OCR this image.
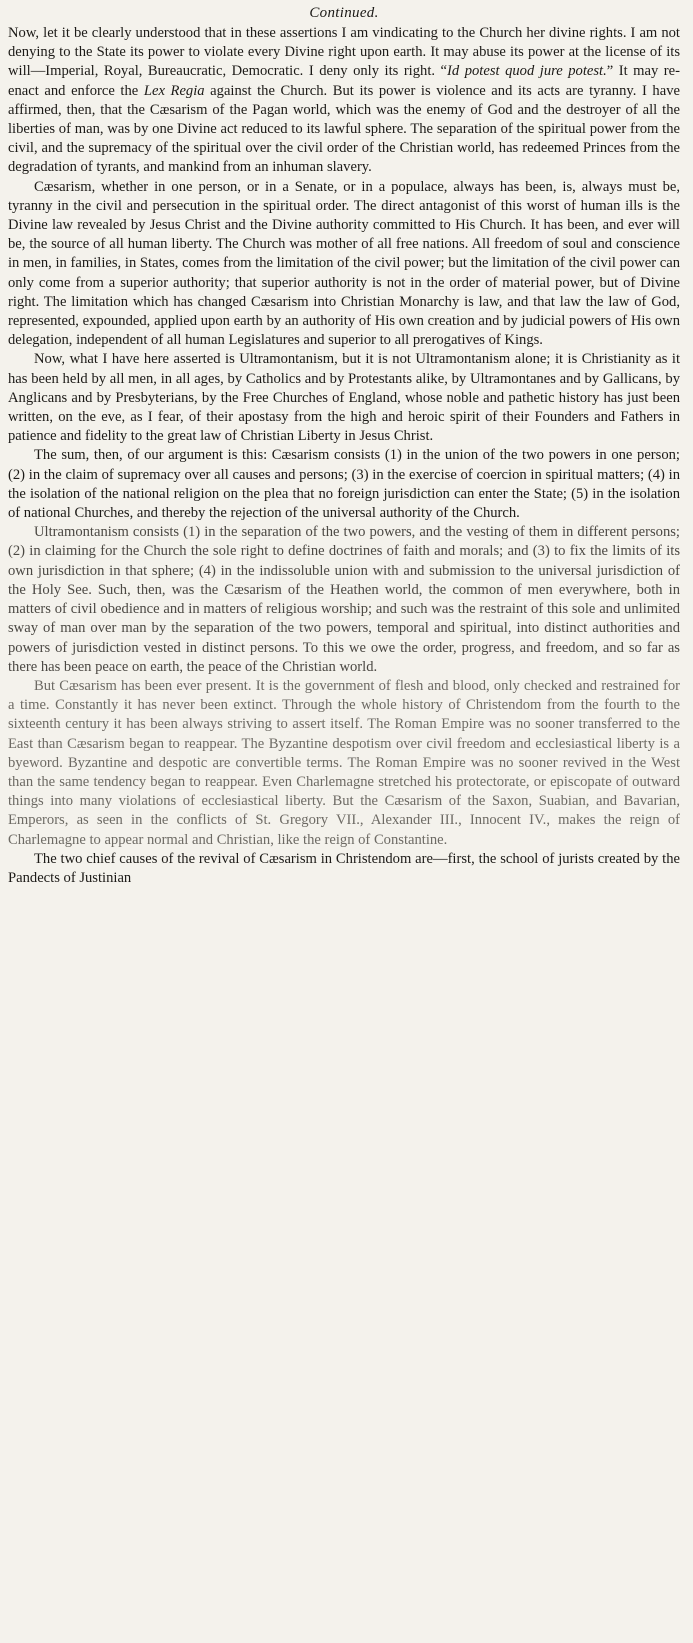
Continued.

Now, let it be clearly understood that in these assertions I am vindicating to the Church her divine rights. I am not denying to the State its power to violate every Divine right upon earth. It may abuse its power at the license of its will—Imperial, Royal, Bureaucratic, Democratic. I deny only its right. “Id potest quod jure potest.” It may re-enact and enforce the Lex Regia against the Church. But its power is violence and its acts are tyranny. I have affirmed, then, that the Cæsarism of the Pagan world, which was the enemy of God and the destroyer of all the liberties of man, was by one Divine act reduced to its lawful sphere. The separation of the spiritual power from the civil, and the supremacy of the spiritual over the civil order of the Christian world, has redeemed Princes from the degradation of tyrants, and mankind from an inhuman slavery.

Cæsarism, whether in one person, or in a Senate, or in a populace, always has been, is, always must be, tyranny in the civil and persecution in the spiritual order. The direct antagonist of this worst of human ills is the Divine law revealed by Jesus Christ and the Divine authority committed to His Church. It has been, and ever will be, the source of all human liberty. The Church was mother of all free nations. All freedom of soul and conscience in men, in families, in States, comes from the limitation of the civil power; but the limitation of the civil power can only come from a superior authority; that superior authority is not in the order of material power, but of Divine right. The limitation which has changed Cæsarism into Christian Monarchy is law, and that law the law of God, represented, expounded, applied upon earth by an authority of His own creation and by judicial powers of His own delegation, independent of all human Legislatures and superior to all prerogatives of Kings.

Now, what I have here asserted is Ultramontanism, but it is not Ultramontanism alone; it is Christianity as it has been held by all men, in all ages, by Catholics and by Protestants alike, by Ultramontanes and by Gallicans, by Anglicans and by Presbyterians, by the Free Churches of England, whose noble and pathetic history has just been written, on the eve, as I fear, of their apostasy from the high and heroic spirit of their Founders and Fathers in patience and fidelity to the great law of Christian Liberty in Jesus Christ.

The sum, then, of our argument is this: Cæsarism consists (1) in the union of the two powers in one person; (2) in the claim of supremacy over all causes and persons; (3) in the exercise of coercion in spiritual matters; (4) in the isolation of the national religion on the plea that no foreign jurisdiction can enter the State; (5) in the isolation of national Churches, and thereby the rejection of the universal authority of the Church.

Ultramontanism consists (1) in the separation of the two powers, and the vesting of them in different persons; (2) in claiming for the Church the sole right to define doctrines of faith and morals; and (3) to fix the limits of its own jurisdiction in that sphere; (4) in the indissoluble union with and submission to the universal jurisdiction of the Holy See. Such, then, was the Cæsarism of the Heathen world, the common of men everywhere, both in matters of civil obedience and in matters of religious worship; and such was the restraint of this sole and unlimited sway of man over man by the separation of the two powers, temporal and spiritual, into distinct authorities and powers of jurisdiction vested in distinct persons. To this we owe the order, progress, and freedom, and so far as there has been peace on earth, the peace of the Christian world.

But Cæsarism has been ever present. It is the government of flesh and blood, only checked and restrained for a time. Constantly it has never been extinct. Through the whole history of Christendom from the fourth to the sixteenth century it has been always striving to assert itself. The Roman Empire was no sooner transferred to the East than Cæsarism began to reappear. The Byzantine despotism over civil freedom and ecclesiastical liberty is a byeword. Byzantine and despotic are convertible terms. The Roman Empire was no sooner revived in the West than the same tendency began to reappear. Even Charlemagne stretched his protectorate, or episcopate of outward things into many violations of ecclesiastical liberty. But the Cæsarism of the Saxon, Suabian, and Bavarian, Emperors, as seen in the conflicts of St. Gregory VII., Alexander III., Innocent IV., makes the reign of Charlemagne to appear normal and Christian, like the reign of Constantine.

The two chief causes of the revival of Cæsarism in Christendom are—first, the school of jurists created by the Pandects of Justinian
